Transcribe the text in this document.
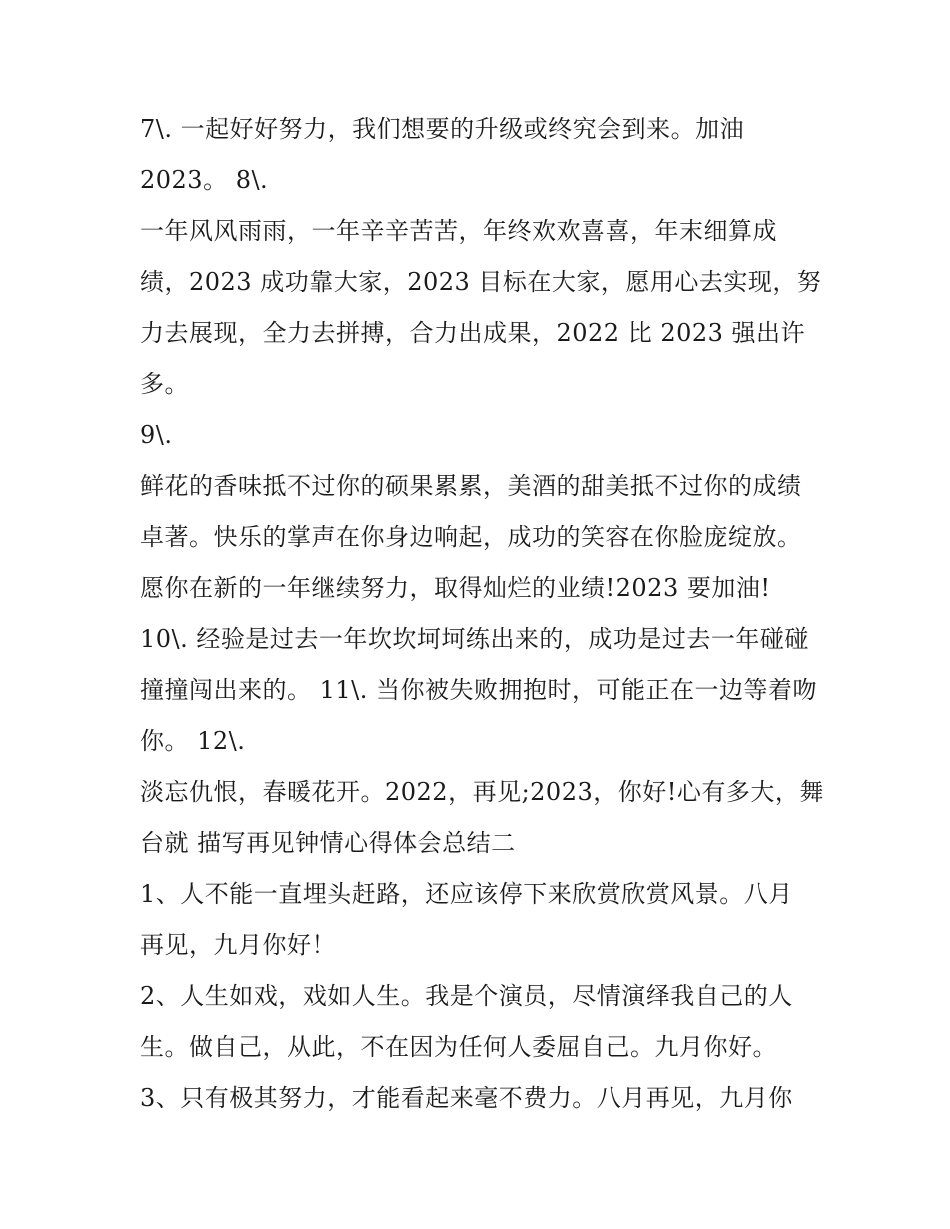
7\. 一起好好努力，我们想要的升级或终究会到来。加油
2023。 8\.
一年风风雨雨，一年辛辛苦苦，年终欢欢喜喜，年末细算成
绩，2023 成功靠大家，2023 目标在大家，愿用心去实现，努
力去展现，全力去拼搏，合力出成果，2022 比 2023 强出许
多。
9\.
鲜花的香味抵不过你的硕果累累，美酒的甜美抵不过你的成绩
卓著。快乐的掌声在你身边响起，成功的笑容在你脸庞绽放。
愿你在新的一年继续努力，取得灿烂的业绩!2023 要加油!
10\. 经验是过去一年坎坎坷坷练出来的，成功是过去一年碰碰
撞撞闯出来的。 11\. 当你被失败拥抱时，可能正在一边等着吻
你。 12\.
淡忘仇恨，春暖花开。2022，再见;2023，你好!心有多大，舞
台就 描写再见钟情心得体会总结二
1、人不能一直埋头赶路，还应该停下来欣赏欣赏风景。八月
再见，九月你好！
2、人生如戏，戏如人生。我是个演员，尽情演绎我自己的人
生。做自己，从此，不在因为任何人委屈自己。九月你好。
3、只有极其努力，才能看起来毫不费力。八月再见，九月你
